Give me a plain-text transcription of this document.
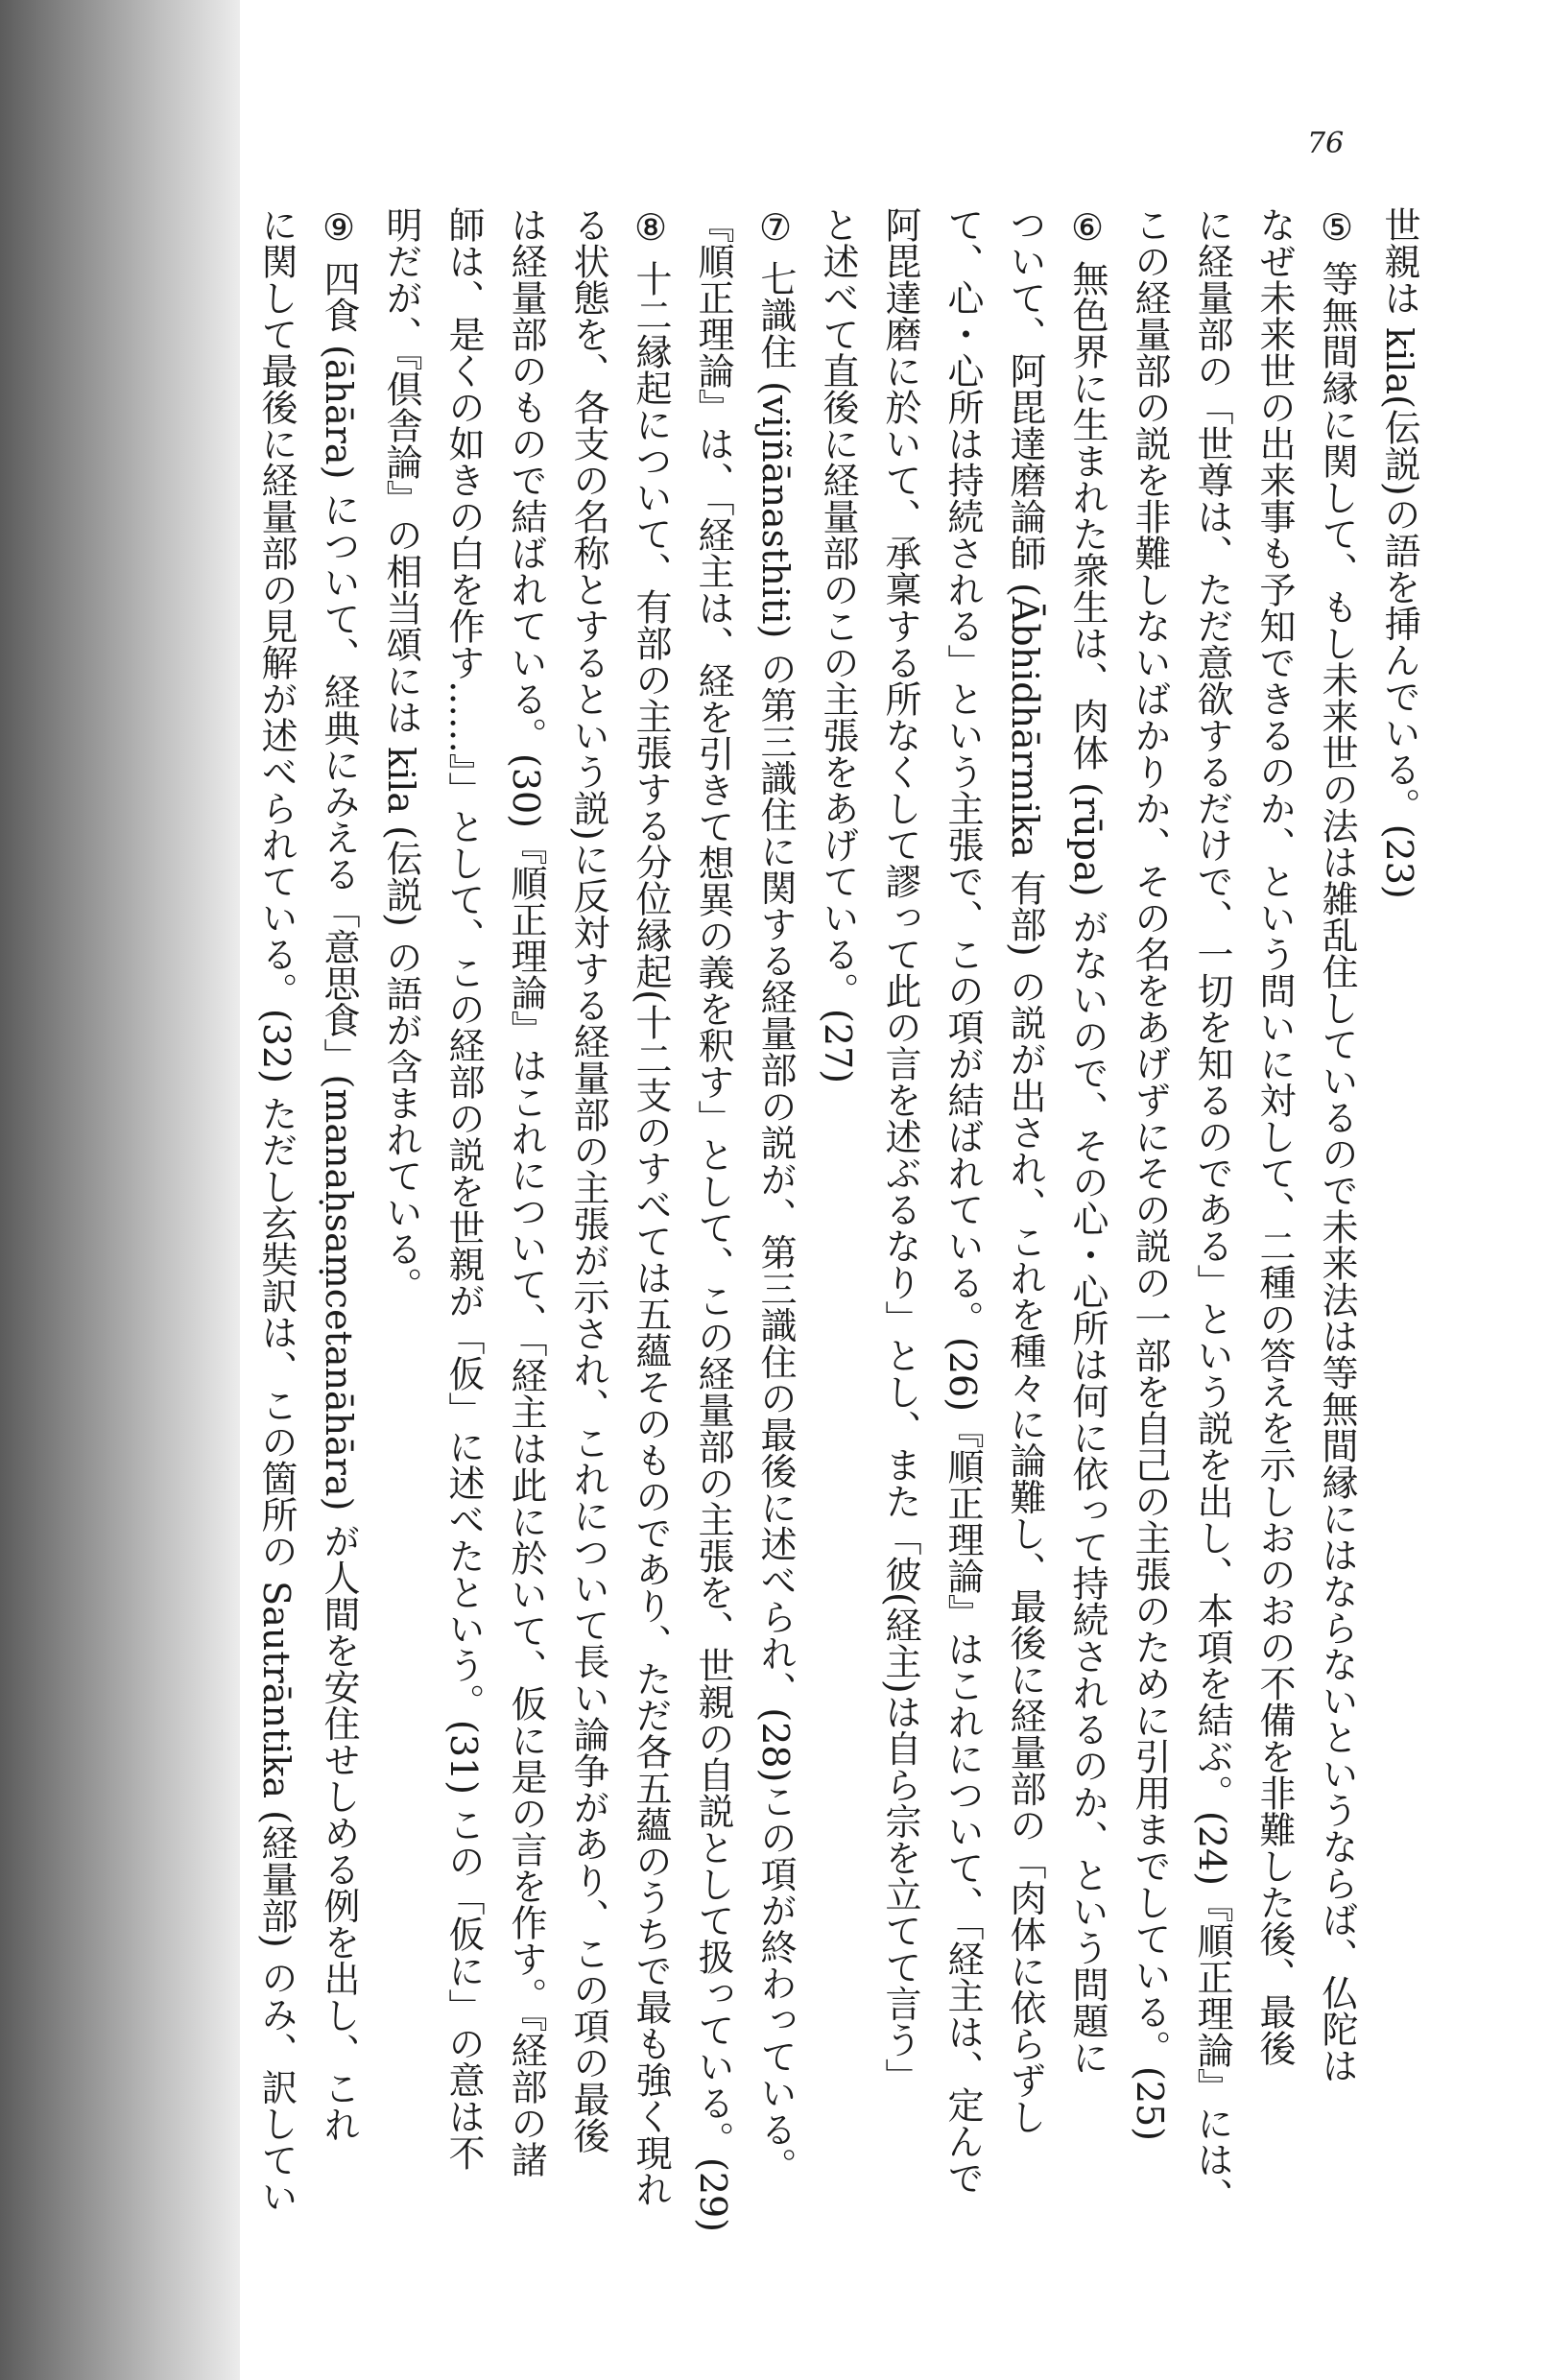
76

世親は kila(伝説)の語を挿んでいる。(23)

⑤ 等無間縁に関して、もし未来世の法は雑乱住しているので未来法は等無間縁にはならないというならば、仏陀は

なぜ未来世の出来事も予知できるのか、という問いに対して、二種の答えを示しおのおの不備を非難した後、最後

に経量部の「世尊は、ただ意欲するだけで、一切を知るのである」という説を出し、本項を結ぶ。(24)『順正理論』には、

この経量部の説を非難しないばかりか、その名をあげずにその説の一部を自己の主張のために引用までしている。(25)

⑥ 無色界に生まれた衆生は、肉体 (rūpa) がないので、その心・心所は何に依って持続されるのか、という問題に

ついて、阿毘達磨論師 (Ābhidhārmika 有部) の説が出され、これを種々に論難し、最後に経量部の「肉体に依らずし

て、心・心所は持続される」という主張で、この項が結ばれている。(26)『順正理論』はこれについて、「経主は、定んで

阿毘達磨に於いて、承稟する所なくして謬って此の言を述ぶるなり」とし、また「彼(経主)は自ら宗を立てて言う」

と述べて直後に経量部のこの主張をあげている。(27)

⑦ 七識住 (vijñānasthiti) の第三識住に関する経量部の説が、第三識住の最後に述べられ、(28)この項が終わっている。

『順正理論』は、「経主は、経を引きて想異の義を釈す」として、この経量部の主張を、世親の自説として扱っている。(29)

⑧ 十二縁起について、有部の主張する分位縁起(十二支のすべては五蘊そのものであり、ただ各五蘊のうちで最も強く現れ

る状態を、各支の名称とするという説)に反対する経量部の主張が示され、これについて長い論争があり、この項の最後

は経量部のもので結ばれている。(30)『順正理論』はこれについて、「経主は此に於いて、仮に是の言を作す。『経部の諸

師は、是くの如きの白を作す……』」として、この経部の説を世親が「仮」に述べたという。(31) この「仮に」の意は不

明だが、『倶舎論』の相当頌には kila (伝説) の語が含まれている。

⑨ 四食 (āhāra) について、経典にみえる「意思食」(manaḥsaṃcetanāhāra) が人間を安住せしめる例を出し、これ

に関して最後に経量部の見解が述べられている。(32) ただし玄奘訳は、この箇所の Sautrāntika (経量部) のみ、訳してい
